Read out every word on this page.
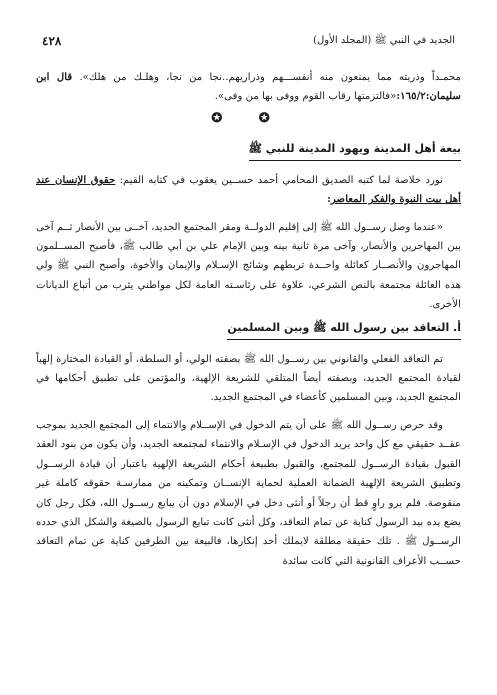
الجديد في النبي ﷺ (المجلد الأول)
٤٢٨

محمـداً وذريته مما يمنعون منه أنفســـهم وذراريهم..نجا من نجا، وهلـك من هلك». قال ابن سليمان:١٦٥/٢:«فالتزمتها رقاب القوم ووفى بها من وفى».

✪ ✪
بيعة أهل المدينة ويهود المدينة للنبي ﷺ

نورد خلاصة لما كتبه الصديق المحامي أحمد حســين يعقوب في كتابه القيم: حقوق الإنسان عند أهل بيت النبوة والفكر المعاصر:

«عندما وصل رســول الله ﷺ إلى إقليم الدولــة ومقر المجتمع الجديد، آخــى بين الأنصار ثــم آخى بين المهاجرين والأنصار، وآخى مرة ثانية بينه وبين الإمام علي بن أبي طالب ﷺ، فأصبح المســلمون المهاجرون والأنصــار كعائلة واحــدة تربطهم وشائج الإسـلام والإيمان والأخوة، وأصبح النبي ﷺ ولي هذه العائلة مجتمعة بالنص الشرعي، علاوة على رئاسـته العامة لكل مواطني يثرب من أتباع الديانات الأخرى.

أ. التعاقد بين رسول الله ﷺ وبين المسلمين

تم التعاقد الفعلي والقانوني بين رســول الله ﷺ بصفته الولي، أو السلطة، أو القيادة المختارة إلهياً لقيادة المجتمع الجديد، وبصفته أيضاً المتلقي للشريعة الإلهية، والمؤتمن على تطبيق أحكامها في المجتمع الجديد، وبين المسلمين كأعضاء في المجتمع الجديد.

وقد حرص رســول الله ﷺ على أن يتم الدخول في الإســلام والانتماء إلى المجتمع الجديد بموجب عقــد حقيقي مع كل واحد يريد الدخول في الإسـلام والانتماء لمجتمعه الجديد، وأن يكون من بنود العقد القبول بقيادة الرســول للمجتمع، والقبول بطبيعة أحكام الشريعة الإلهية باعتبار أن قيادة الرســول وتطبيق الشريعة الإلهية الضمانة العملية لحماية الإنســان وتمكينه من ممارسـة حقوقه كاملة غير منقوصة. فلم يرو راوٍ قط أن رجلاً أو أنثى دخل في الإسلام دون أن يبايع رســول الله، فكل رجل كان يضع يده بيد الرسول كناية عن تمام التعاقد، وكل أنثى كانت تبايع الرسول بالصيغة والشكل الذي حدده الرســول ﷺ . تلك حقيقة مطلقة لايملك أحد إنكارها، فالبيعة بين الطرفين كناية عن تمام التعاقد حســب الأعراف القانونية التي كانت سائدة
